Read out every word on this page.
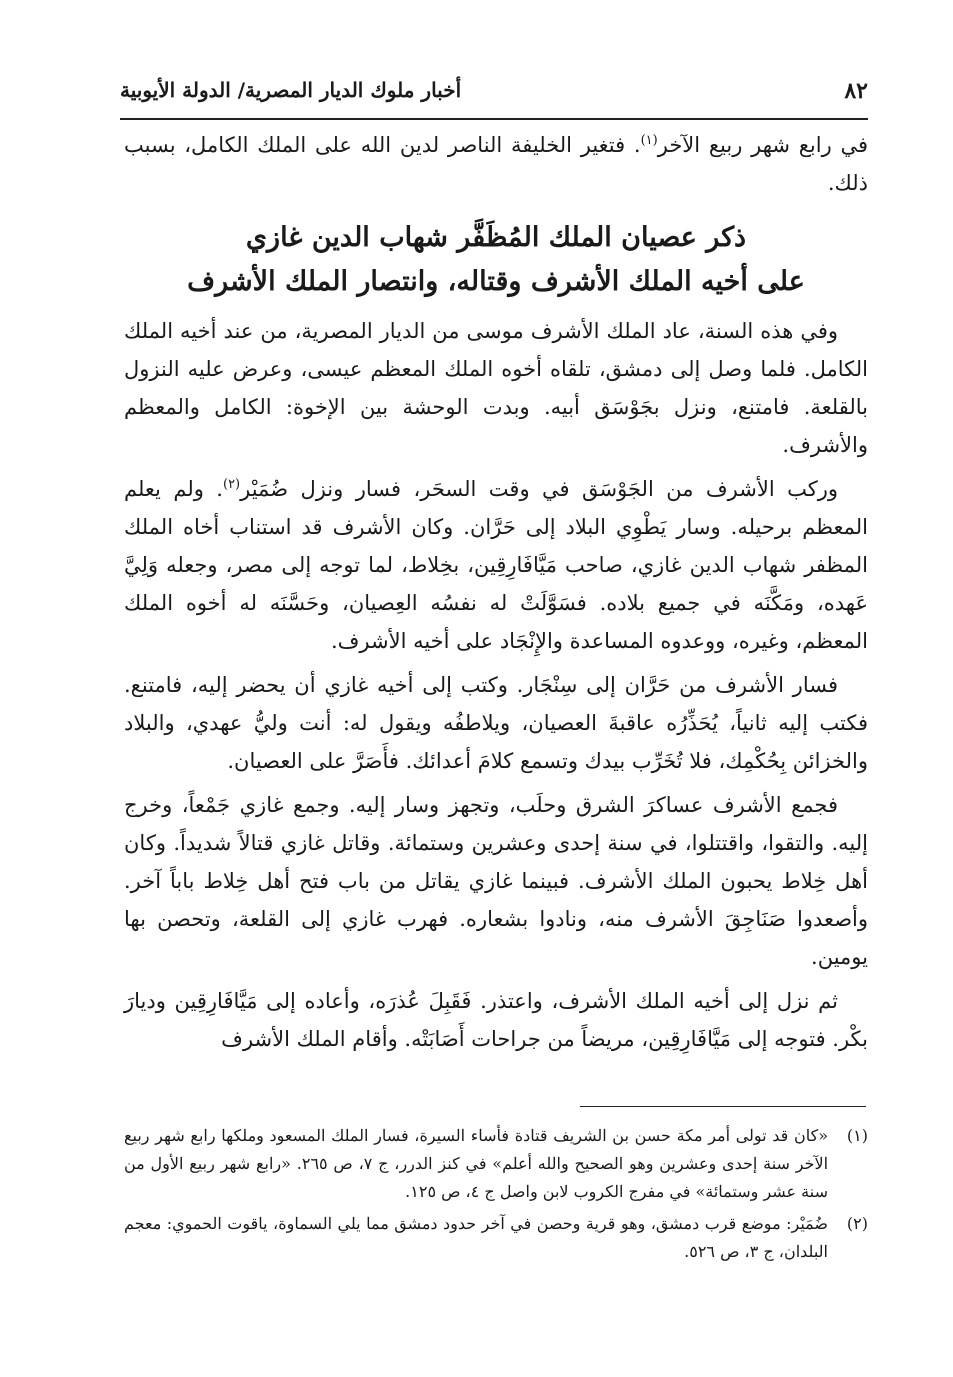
٨٢
أخبار ملوك الديار المصرية/ الدولة الأيوبية

في رابع شهر ربيع الآخر$^{(١)}$. فتغير الخليفة الناصر لدين الله على الملك الكامل، بسبب ذلك.

ذكر عصيان الملك المُظَفَّر شهاب الدين غازي
على أخيه الملك الأشرف وقتاله، وانتصار الملك الأشرف

وفي هذه السنة، عاد الملك الأشرف موسى من الديار المصرية، من عند أخيه الملك الكامل. فلما وصل إلى دمشق، تلقاه أخوه الملك المعظم عيسى، وعرض عليه النزول بالقلعة. فامتنع، ونزل بجَوْسَق أبيه. وبدت الوحشة بين الإخوة: الكامل والمعظم والأشرف.

وركب الأشرف من الجَوْسَق في وقت السحَر، فسار ونزل ضُمَيْر$^{(٢)}$. ولم يعلم المعظم برحيله. وسار يَطْوِي البلاد إلى حَرَّان. وكان الأشرف قد استناب أخاه الملك المظفر شهاب الدين غازي، صاحب مَيَّافَارِقِين، بخِلاط، لما توجه إلى مصر، وجعله وَلِيَّ عَهده، ومَكَّنَه في جميع بلاده. فسَوَّلَتْ له نفسُه العِصيان، وحَسَّنَه له أخوه الملك المعظم، وغيره، ووعدوه المساعدة والإِنْجَاد على أخيه الأشرف.

فسار الأشرف من حَرَّان إلى سِنْجَار. وكتب إلى أخيه غازي أن يحضر إليه، فامتنع. فكتب إليه ثانياً، يُحَذِّرُه عاقبةَ العصيان، ويلاطفُه ويقول له: أنت وليُّ عهدي، والبلاد والخزائن بِحُكْمِك، فلا تُخَرِّب بيدك وتسمع كلامَ أعدائك. فأَصَرَّ على العصيان.

فجمع الأشرف عساكرَ الشرق وحلَب، وتجهز وسار إليه. وجمع غازي جَمْعاً، وخرج إليه. والتقوا، واقتتلوا، في سنة إحدى وعشرين وستمائة. وقاتل غازي قتالاً شديداً. وكان أهل خِلاط يحبون الملك الأشرف. فبينما غازي يقاتل من باب فتح أهل خِلاط باباً آخر. وأصعدوا صَنَاجِقَ الأشرف منه، ونادوا بشعاره. فهرب غازي إلى القلعة، وتحصن بها يومين.

ثم نزل إلى أخيه الملك الأشرف، واعتذر. فَقَبِلَ عُذرَه، وأعاده إلى مَيَّافَارِقِين وديارَ بكْر. فتوجه إلى مَيَّافَارِقِين، مريضاً من جراحات أَصَابَتْه. وأقام الملك الأشرف

(١)
«كان قد تولى أمر مكة حسن بن الشريف قتادة فأساء السيرة، فسار الملك المسعود وملكها رابع شهر ربيع الآخر سنة إحدى وعشرين وهو الصحيح والله أعلم» في كنز الدرر، ج ٧، ص ٢٦٥. «رابع شهر ربيع الأول من سنة عشر وستمائة» في مفرج الكروب لابن واصل ج ٤، ص ١٢٥.
(٢)
ضُمَيْر: موضع قرب دمشق، وهو قرية وحصن في آخر حدود دمشق مما يلي السماوة، ياقوت الحموي: معجم البلدان، ج ٣، ص ٥٢٦.
